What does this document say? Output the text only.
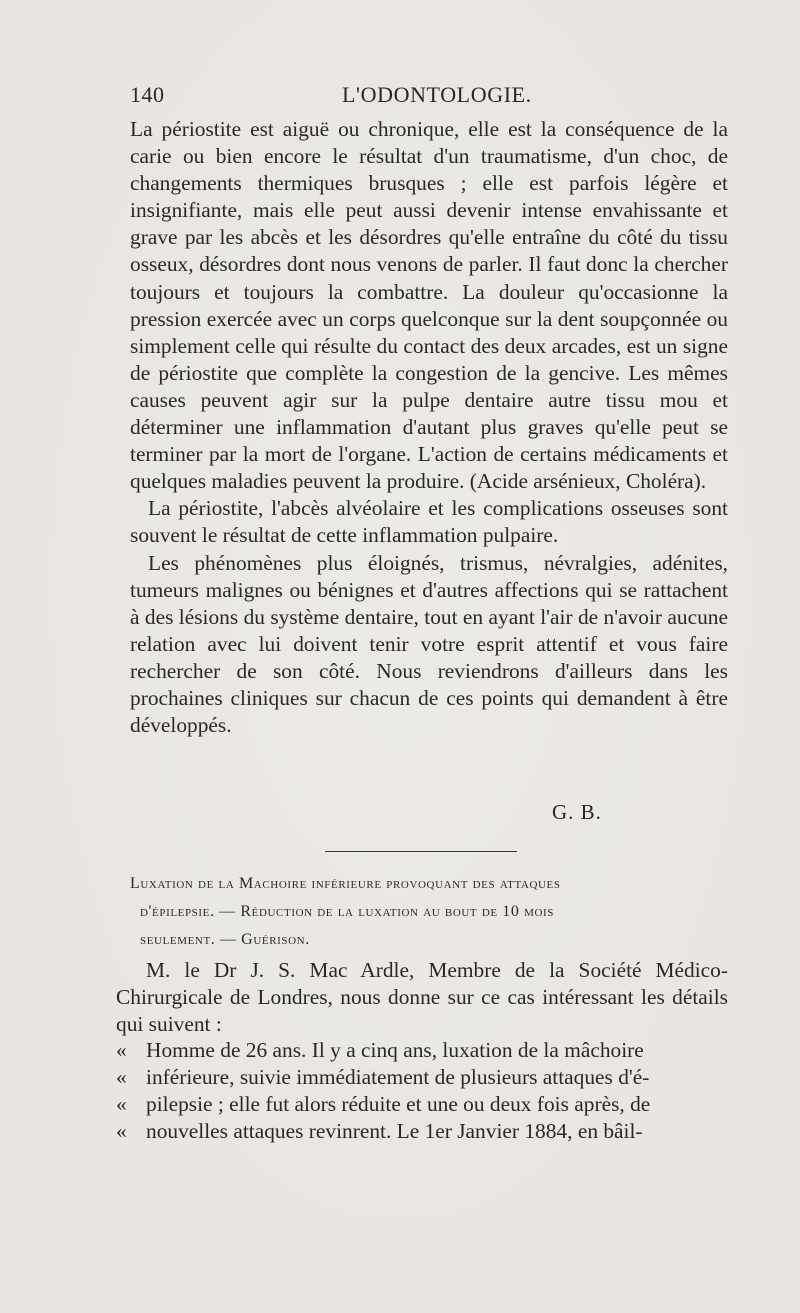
140	L'ODONTOLOGIE.

La périostite est aiguë ou chronique, elle est la conséquence de la carie ou bien encore le résultat d'un traumatisme, d'un choc, de changements thermiques brusques ; elle est parfois légère et insignifiante, mais elle peut aussi devenir intense envahissante et grave par les abcès et les désordres qu'elle entraîne du côté du tissu osseux, désordres dont nous venons de parler. Il faut donc la chercher toujours et toujours la combattre. La douleur qu'occasionne la pression exercée avec un corps quelconque sur la dent soupçonnée ou simplement celle qui résulte du contact des deux arcades, est un signe de périostite que complète la congestion de la gencive. Les mêmes causes peuvent agir sur la pulpe dentaire autre tissu mou et déterminer une inflammation d'autant plus graves qu'elle peut se terminer par la mort de l'organe. L'action de certains médicaments et quelques maladies peuvent la produire. (Acide arsénieux, Choléra).

La périostite, l'abcès alvéolaire et les complications osseuses sont souvent le résultat de cette inflammation pulpaire.

Les phénomènes plus éloignés, trismus, névralgies, adénites, tumeurs malignes ou bénignes et d'autres affections qui se rattachent à des lésions du système dentaire, tout en ayant l'air de n'avoir aucune relation avec lui doivent tenir votre esprit attentif et vous faire rechercher de son côté. Nous reviendrons d'ailleurs dans les prochaines cliniques sur chacun de ces points qui demandent à être développés.

G. B.
Luxation de la Machoire inférieure provoquant des attaques
d'épilepsie. — Réduction de la luxation au bout de 10 mois
seulement. — Guérison.

M. le Dr J. S. Mac Ardle, Membre de la Société Médico-Chirurgicale de Londres, nous donne sur ce cas intéressant les détails qui suivent :

« Homme de 26 ans. Il y a cinq ans, luxation de la mâchoire
« inférieure, suivie immédiatement de plusieurs attaques d'é-
« pilepsie ; elle fut alors réduite et une ou deux fois après, de
« nouvelles attaques revinrent. Le 1er Janvier 1884, en bâil-
